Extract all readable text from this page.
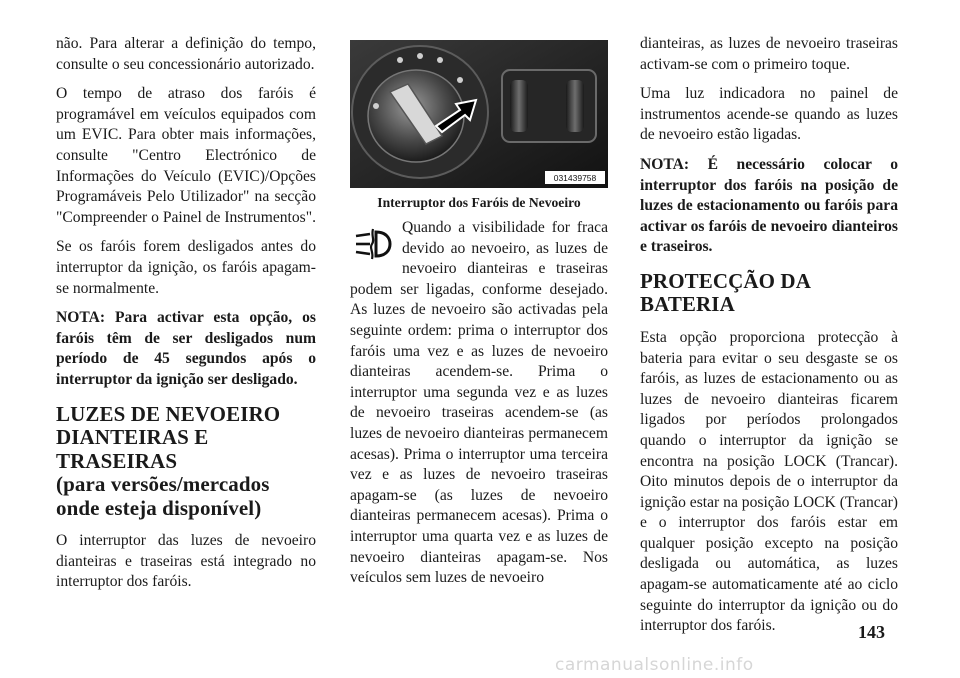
não. Para alterar a definição do tempo, consulte o seu concessionário autorizado.

O tempo de atraso dos faróis é programável em veículos equipados com um EVIC. Para obter mais informações, consulte "Centro Electrónico de Informações do Veículo (EVIC)/Opções Programáveis Pelo Utilizador" na secção "Compreender o Painel de Instrumentos".

Se os faróis forem desligados antes do interruptor da ignição, os faróis apagam-se normalmente.

NOTA: Para activar esta opção, os faróis têm de ser desligados num período de 45 segundos após o interruptor da ignição ser desligado.

LUZES DE NEVOEIRO
DIANTEIRAS E TRASEIRAS
(para versões/mercados
onde esteja disponível)

O interruptor das luzes de nevoeiro dianteiras e traseiras está integrado no interruptor dos faróis.

031439758
Interruptor dos Faróis de Nevoeiro

Quando a visibilidade for fraca devido ao nevoeiro, as luzes de nevoeiro dianteiras e traseiras podem ser ligadas, conforme desejado. As luzes de nevoeiro são activadas pela seguinte ordem: prima o interruptor dos faróis uma vez e as luzes de nevoeiro dianteiras acendem-se. Prima o interruptor uma segunda vez e as luzes de nevoeiro traseiras acendem-se (as luzes de nevoeiro dianteiras permanecem acesas). Prima o interruptor uma terceira vez e as luzes de nevoeiro traseiras apagam-se (as luzes de nevoeiro dianteiras permanecem acesas). Prima o interruptor uma quarta vez e as luzes de nevoeiro dianteiras apagam-se. Nos veículos sem luzes de nevoeiro

dianteiras, as luzes de nevoeiro traseiras activam-se com o primeiro toque.

Uma luz indicadora no painel de instrumentos acende-se quando as luzes de nevoeiro estão ligadas.

NOTA: É necessário colocar o interruptor dos faróis na posição de luzes de estacionamento ou faróis para activar os faróis de nevoeiro dianteiros e traseiros.

PROTECÇÃO DA BATERIA

Esta opção proporciona protecção à bateria para evitar o seu desgaste se os faróis, as luzes de estacionamento ou as luzes de nevoeiro dianteiras ficarem ligados por períodos prolongados quando o interruptor da ignição se encontra na posição LOCK (Trancar). Oito minutos depois de o interruptor da ignição estar na posição LOCK (Trancar) e o interruptor dos faróis estar em qualquer posição excepto na posição desligada ou automática, as luzes apagam-se automaticamente até ao ciclo seguinte do interruptor da ignição ou do interruptor dos faróis.	143
carmanualsonline.info
